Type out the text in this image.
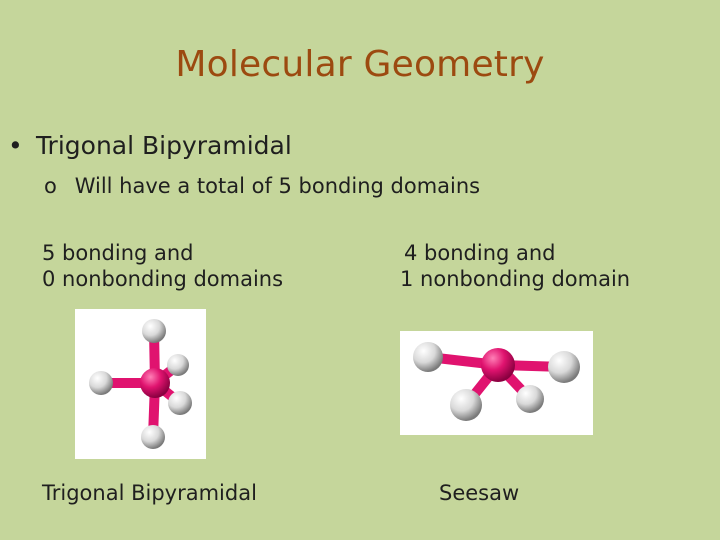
Molecular Geometry
• Trigonal Bipyramidal
o Will have a total of 5 bonding domains
5 bonding and
0 nonbonding domains
4 bonding and
1 nonbonding domain
Trigonal Bipyramidal	Seesaw
